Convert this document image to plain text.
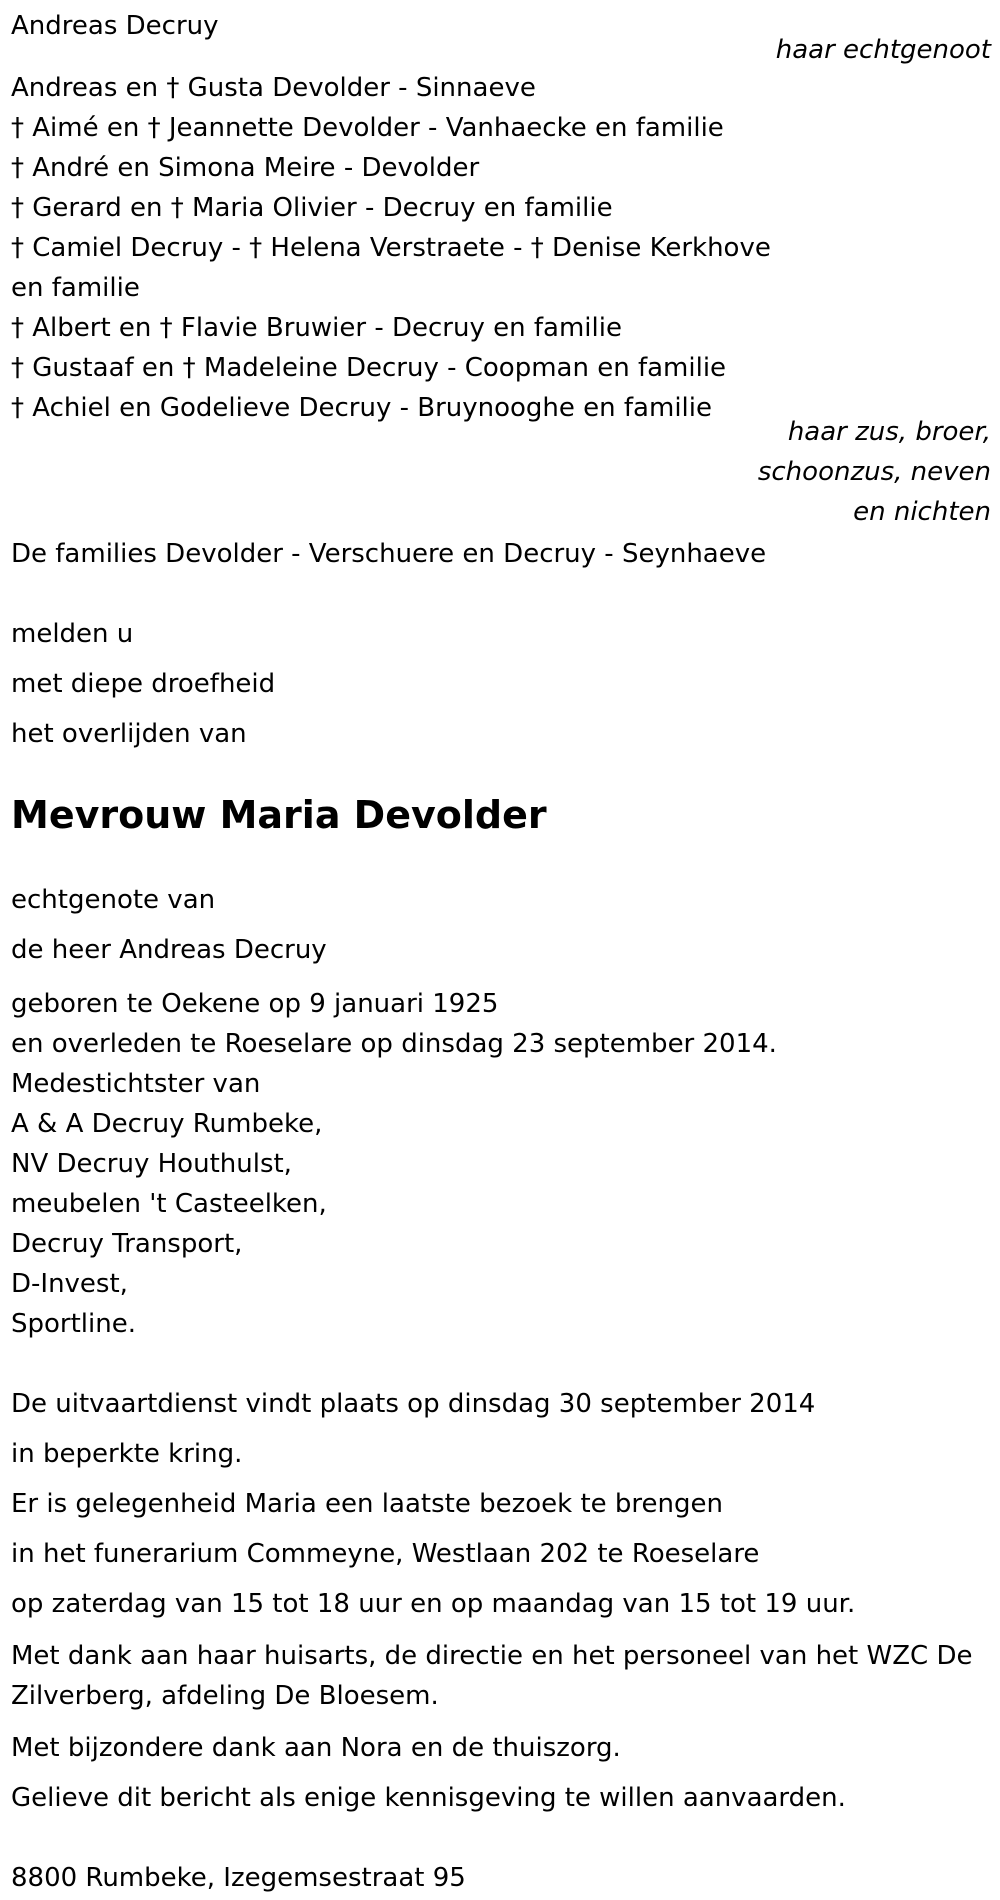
Andreas Decruy
haar echtgenoot
Andreas en † Gusta Devolder - Sinnaeve
† Aimé en † Jeannette Devolder - Vanhaecke en familie
† André en Simona Meire - Devolder
† Gerard en † Maria Olivier - Decruy en familie
† Camiel Decruy - † Helena Verstraete - † Denise Kerkhove
en familie
† Albert en † Flavie Bruwier - Decruy en familie
† Gustaaf en † Madeleine Decruy - Coopman en familie
† Achiel en Godelieve Decruy - Bruynooghe en familie
haar zus, broer,
schoonzus, neven
en nichten
De families Devolder - Verschuere en Decruy - Seynhaeve
melden u
met diepe droefheid
het overlijden van
Mevrouw Maria Devolder
echtgenote van
de heer Andreas Decruy
geboren te Oekene op 9 januari 1925
en overleden te Roeselare op dinsdag 23 september 2014.
Medestichtster van
A & A Decruy Rumbeke,
NV Decruy Houthulst,
meubelen 't Casteelken,
Decruy Transport,
D-Invest,
Sportline.
De uitvaartdienst vindt plaats op dinsdag 30 september 2014
in beperkte kring.
Er is gelegenheid Maria een laatste bezoek te brengen
in het funerarium Commeyne, Westlaan 202 te Roeselare
op zaterdag van 15 tot 18 uur en op maandag van 15 tot 19 uur.
Met dank aan haar huisarts, de directie en het personeel van het WZC De
Zilverberg, afdeling De Bloesem.
Met bijzondere dank aan Nora en de thuiszorg.
Gelieve dit bericht als enige kennisgeving te willen aanvaarden.
8800 Rumbeke, Izegemsestraat 95
